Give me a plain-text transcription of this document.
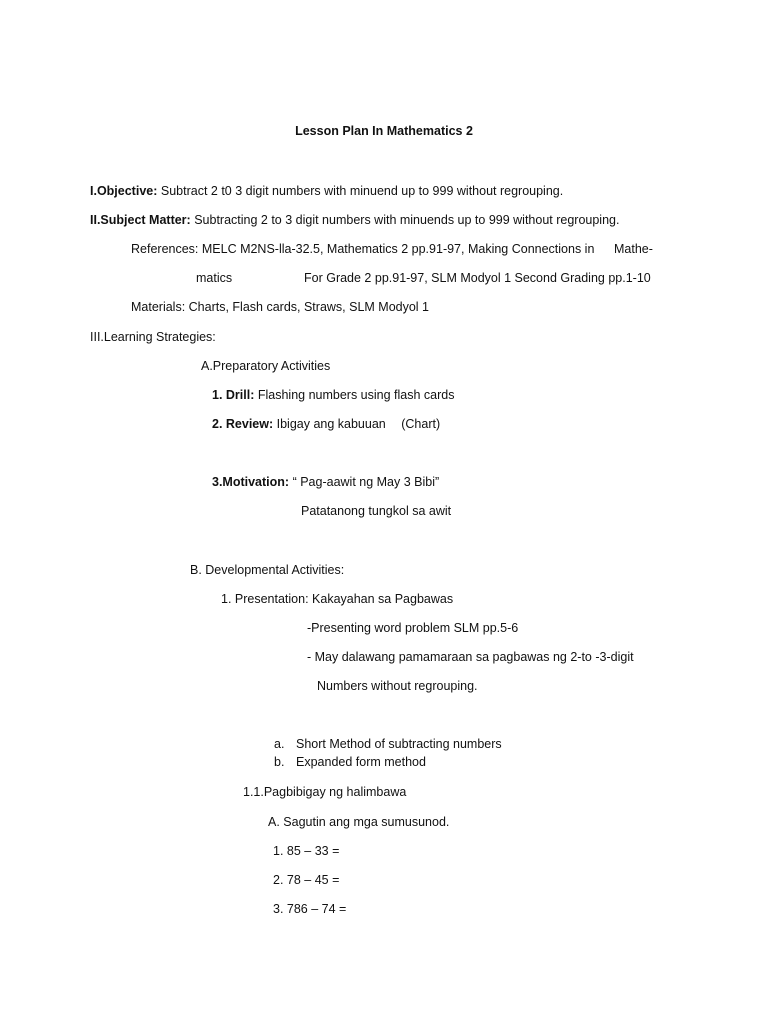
Lesson Plan In Mathematics 2
I.Objective: Subtract 2 t0 3 digit numbers with minuend up to 999 without regrouping.
II.Subject Matter: Subtracting 2 to 3 digit numbers with minuends up to 999 without regrouping.
References: MELC M2NS-lla-32.5, Mathematics 2 pp.91-97, Making Connections in Mathe-
matics	For Grade 2 pp.91-97, SLM Modyol 1 Second Grading pp.1-10
Materials: Charts, Flash cards, Straws, SLM Modyol 1
III.Learning Strategies:
A.Preparatory Activities
1. Drill: Flashing numbers using flash cards
2. Review: Ibigay ang kabuuan (Chart)
3.Motivation: “ Pag-aawit ng May 3 Bibi”
Patatanong tungkol sa awit
B. Developmental Activities:
1. Presentation: Kakayahan sa Pagbawas
-Presenting word problem SLM pp.5-6
- May dalawang pamamaraan sa pagbawas ng 2-to -3-digit
Numbers without regrouping.
a. Short Method of subtracting numbers
b. Expanded form method
1.1.Pagbibigay ng halimbawa
A. Sagutin ang mga sumusunod.
1. 85 – 33 =
2. 78 – 45 =
3. 786 – 74 =
